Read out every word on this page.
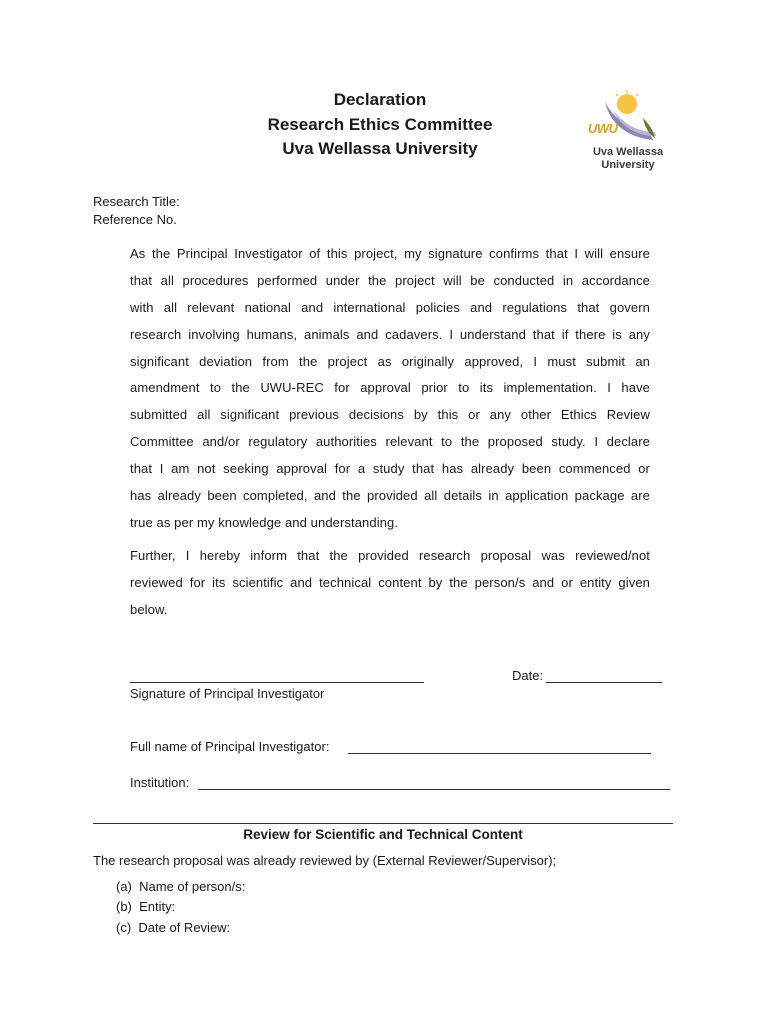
Declaration
Research Ethics Committee
Uva Wellassa University
UWU
Uva Wellassa
University
Research Title:
Reference No.
As the Principal Investigator of this project, my signature confirms that I will ensure
that all procedures performed under the project will be conducted in accordance
with all relevant national and international policies and regulations that govern
research involving humans, animals and cadavers. I understand that if there is any
significant deviation from the project as originally approved, I must submit an
amendment to the UWU-REC for approval prior to its implementation. I have
submitted all significant previous decisions by this or any other Ethics Review
Committee and/or regulatory authorities relevant to the proposed study. I declare
that I am not seeking approval for a study that has already been commenced or
has already been completed, and the provided all details in application package are
true as per my knowledge and understanding.
Further, I hereby inform that the provided research proposal was reviewed/not
reviewed for its scientific and technical content by the person/s and or entity given
below.
Signature of Principal Investigator
Date:
Full name of Principal Investigator:
Institution:
Review for Scientific and Technical Content
The research proposal was already reviewed by (External Reviewer/Supervisor);
(a) Name of person/s:
(b) Entity:
(c) Date of Review:
